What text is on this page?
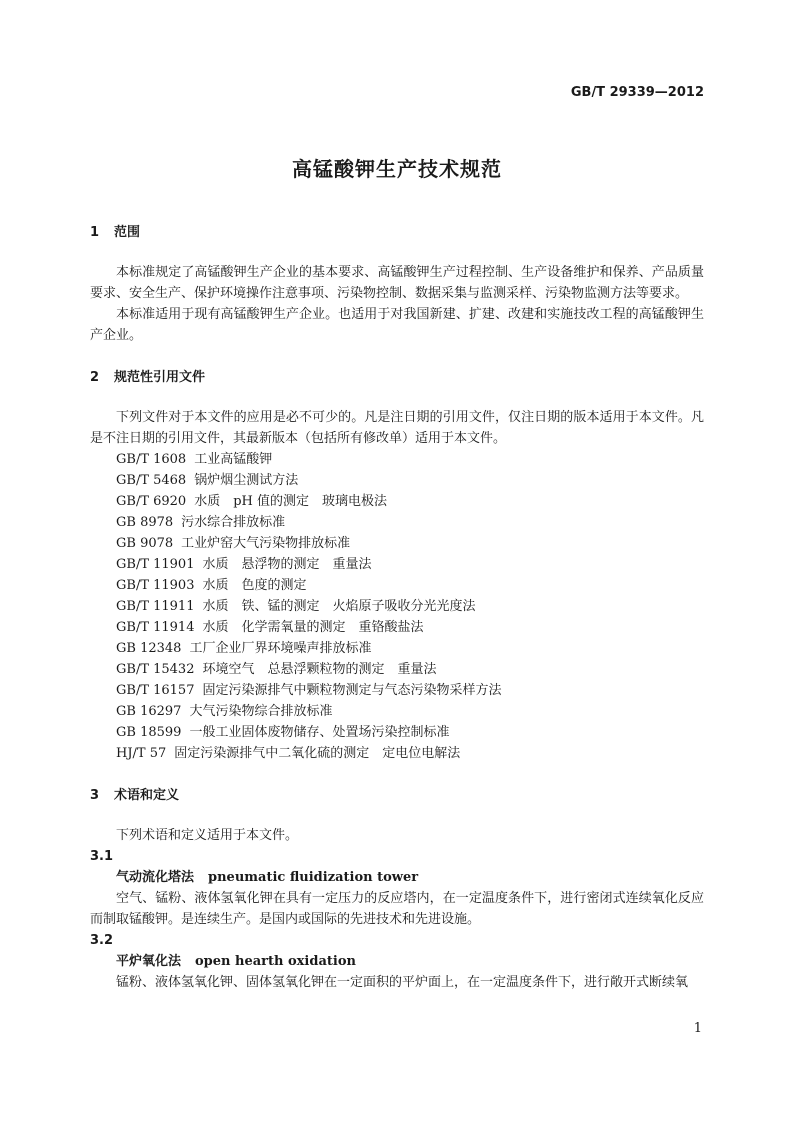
GB/T 29339—2012
高锰酸钾生产技术规范

1 范围

本标准规定了高锰酸钾生产企业的基本要求、高锰酸钾生产过程控制、生产设备维护和保养、产品质量要求、安全生产、保护环境操作注意事项、污染物控制、数据采集与监测采样、污染物监测方法等要求。

本标准适用于现有高锰酸钾生产企业。也适用于对我国新建、扩建、改建和实施技改工程的高锰酸钾生产企业。

2 规范性引用文件

下列文件对于本文件的应用是必不可少的。凡是注日期的引用文件，仅注日期的版本适用于本文件。凡是不注日期的引用文件，其最新版本（包括所有修改单）适用于本文件。

GB/T 1608 工业高锰酸钾

GB/T 5468 锅炉烟尘测试方法

GB/T 6920 水质　pH 值的测定　玻璃电极法

GB 8978 污水综合排放标准

GB 9078 工业炉窑大气污染物排放标准

GB/T 11901 水质　悬浮物的测定　重量法

GB/T 11903 水质　色度的测定

GB/T 11911 水质　铁、锰的测定　火焰原子吸收分光光度法

GB/T 11914 水质　化学需氧量的测定　重铬酸盐法

GB 12348 工厂企业厂界环境噪声排放标准

GB/T 15432 环境空气　总悬浮颗粒物的测定　重量法

GB/T 16157 固定污染源排气中颗粒物测定与气态污染物采样方法

GB 16297 大气污染物综合排放标准

GB 18599 一般工业固体废物储存、处置场污染控制标准

HJ/T 57 固定污染源排气中二氧化硫的测定　定电位电解法

3 术语和定义

下列术语和定义适用于本文件。

3.1

气动流化塔法 pneumatic fluidization tower

空气、锰粉、液体氢氧化钾在具有一定压力的反应塔内，在一定温度条件下，进行密闭式连续氧化反应而制取锰酸钾。是连续生产。是国内或国际的先进技术和先进设施。

3.2

平炉氧化法 open hearth oxidation

锰粉、液体氢氧化钾、固体氢氧化钾在一定面积的平炉面上，在一定温度条件下，进行敞开式断续氧

1
